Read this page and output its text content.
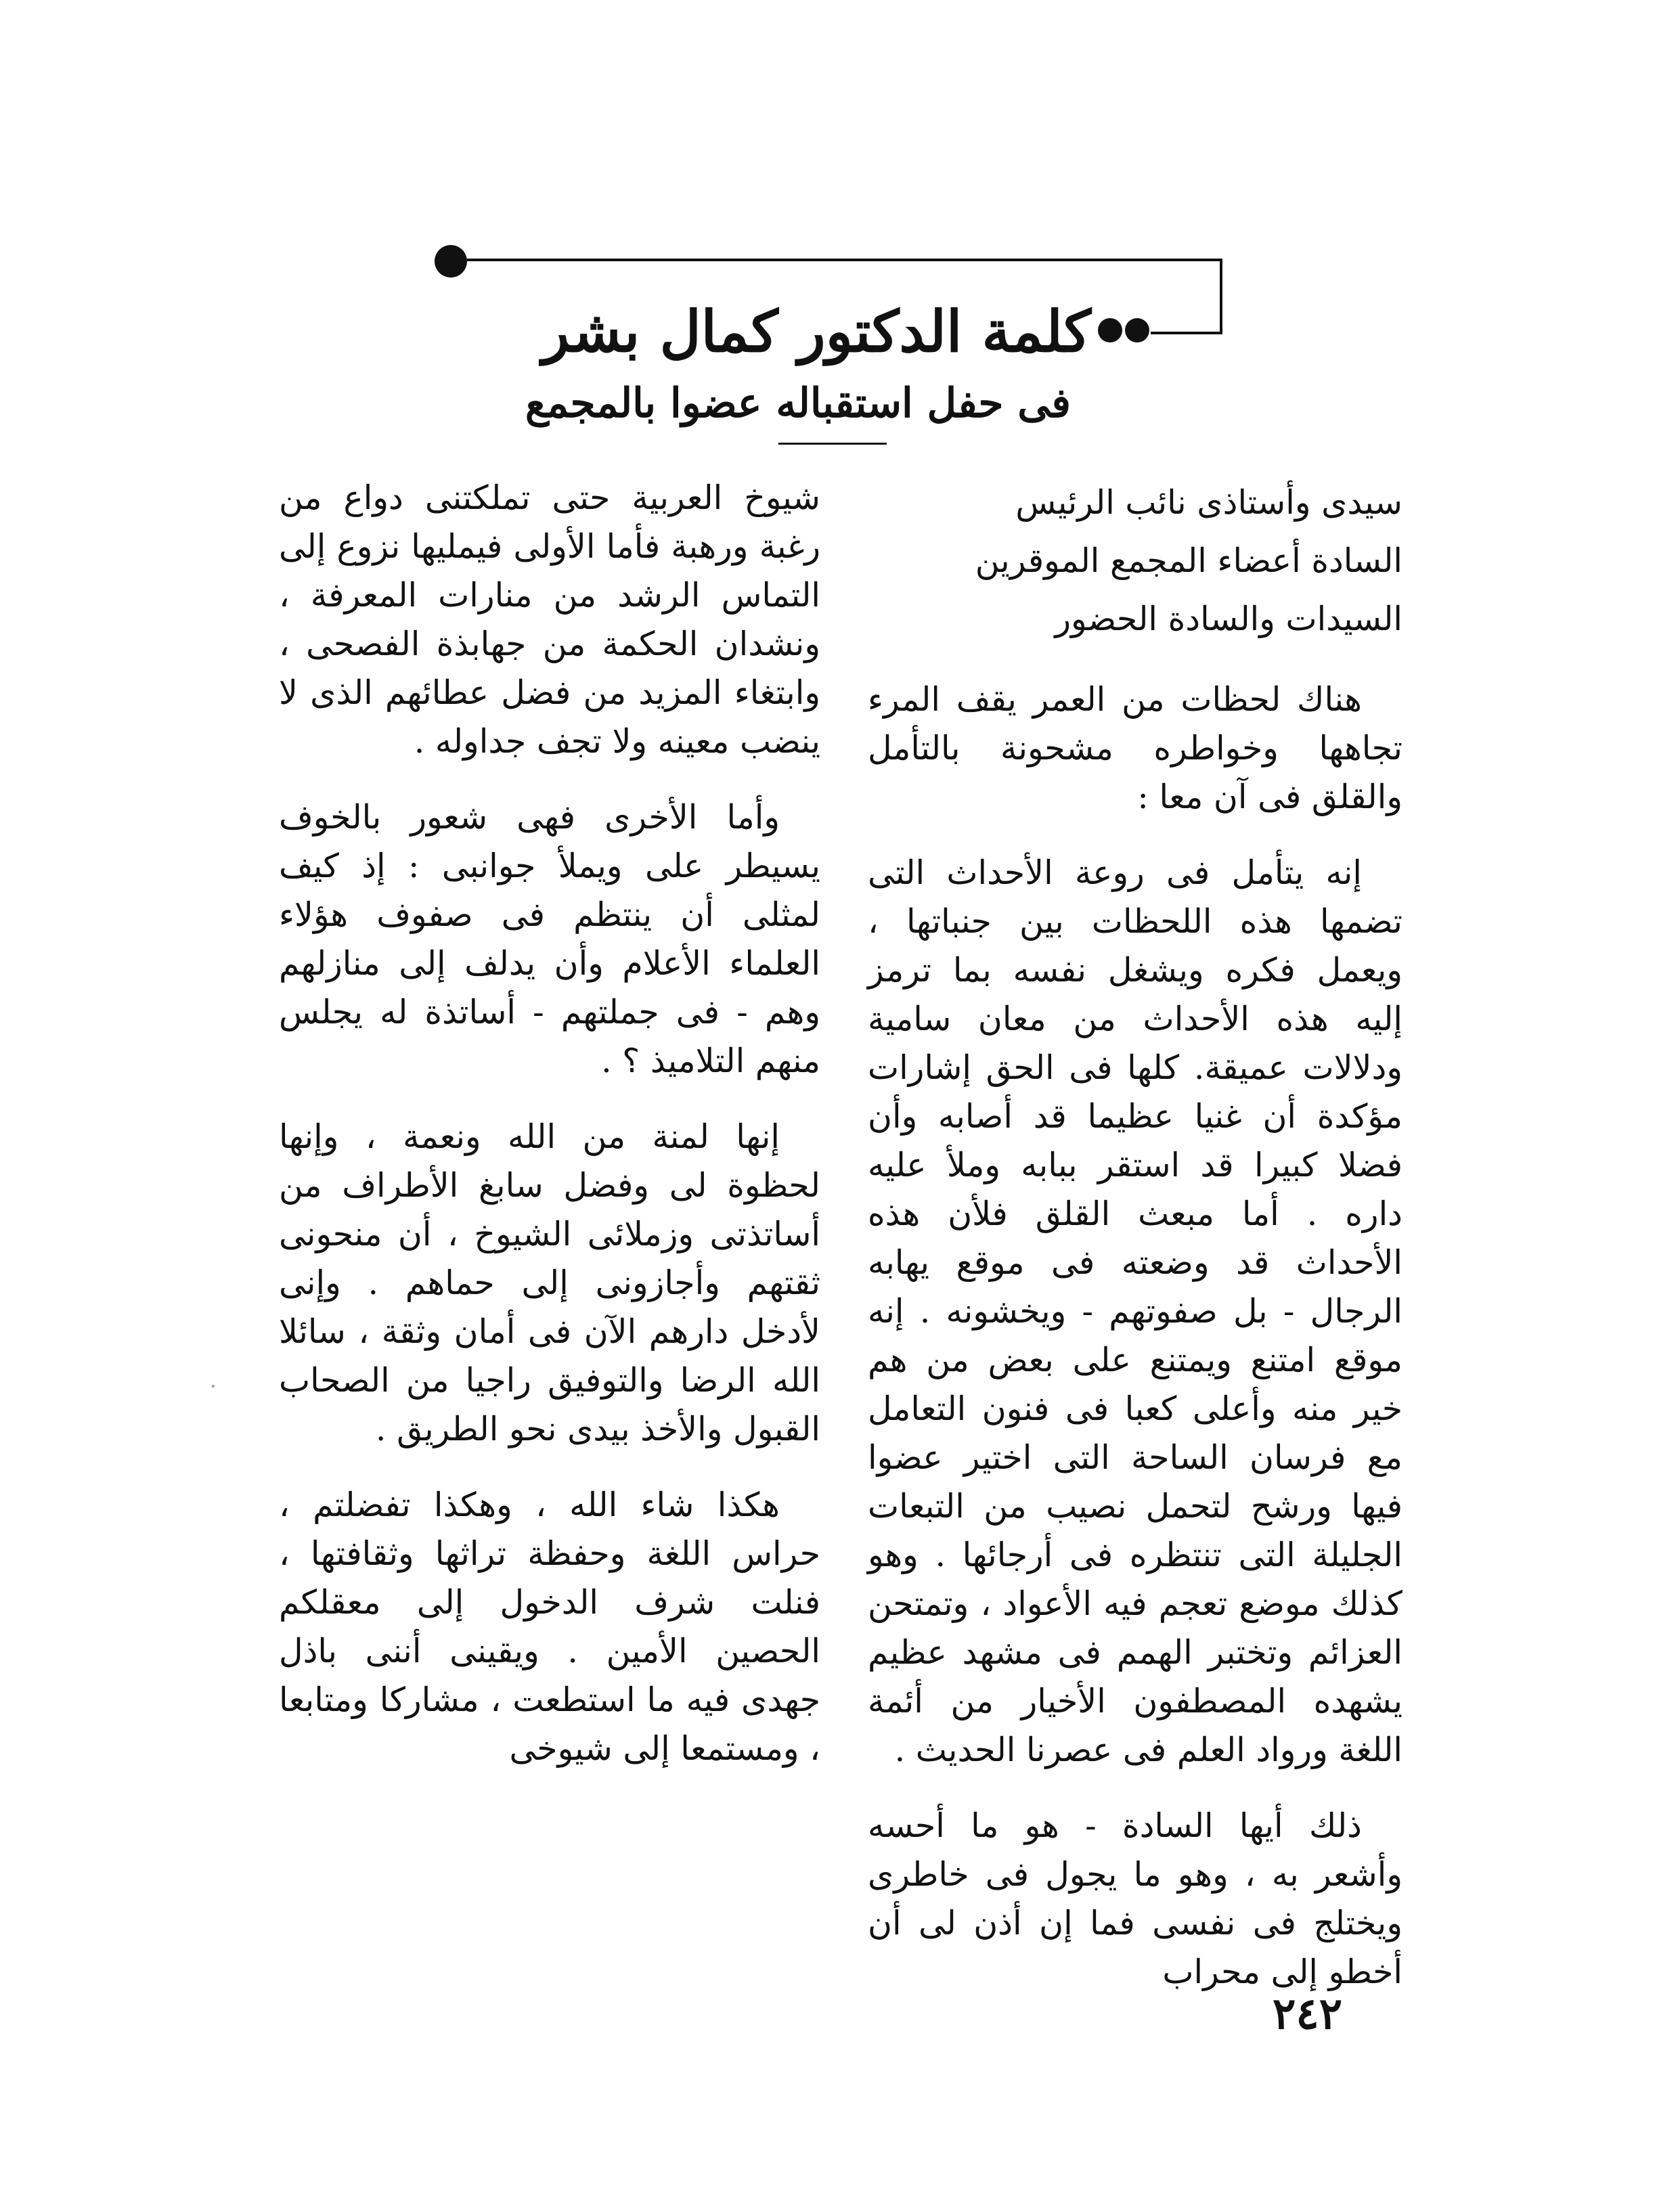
كلمة الدكتور كمال بشر
فى حفل استقباله عضوا بالمجمع
سيدى وأستاذى نائب الرئيس
السادة أعضاء المجمع الموقرين
السيدات والسادة الحضور

هناك لحظات من العمر يقف المرء تجاهها وخواطره مشحونة بالتأمل والقلق فى آن معا :

إنه يتأمل فى روعة الأحداث التى تضمها هذه اللحظات بين جنباتها ، ويعمل فكره ويشغل نفسه بما ترمز إليه هذه الأحداث من معان سامية ودلالات عميقة. كلها فى الحق إشارات مؤكدة أن غنيا عظيما قد أصابه وأن فضلا كبيرا قد استقر ببابه وملأ عليه داره . أما مبعث القلق فلأن هذه الأحداث قد وضعته فى موقع يهابه الرجال - بل صفوتهم - ويخشونه . إنه موقع امتنع ويمتنع على بعض من هم خير منه وأعلى كعبا فى فنون التعامل مع فرسان الساحة التى اختير عضوا فيها ورشح لتحمل نصيب من التبعات الجليلة التى تنتظره فى أرجائها . وهو كذلك موضع تعجم فيه الأعواد ، وتمتحن العزائم وتختبر الهمم فى مشهد عظيم يشهده المصطفون الأخيار من أئمة اللغة ورواد العلم فى عصرنا الحديث .

ذلك أيها السادة - هو ما أحسه وأشعر به ، وهو ما يجول فى خاطرى ويختلج فى نفسى فما إن أذن لى أن أخطو إلى محراب

شيوخ العربية حتى تملكتنى دواع من رغبة ورهبة فأما الأولى فيمليها نزوع إلى التماس الرشد من منارات المعرفة ، ونشدان الحكمة من جهابذة الفصحى ، وابتغاء المزيد من فضل عطائهم الذى لا ينضب معينه ولا تجف جداوله .

وأما الأخرى فهى شعور بالخوف يسيطر على ويملأ جوانبى : إذ كيف لمثلى أن ينتظم فى صفوف هؤلاء العلماء الأعلام وأن يدلف إلى منازلهم وهم - فى جملتهم - أساتذة له يجلس منهم التلاميذ ؟ .

إنها لمنة من الله ونعمة ، وإنها لحظوة لى وفضل سابغ الأطراف من أساتذتى وزملائى الشيوخ ، أن منحونى ثقتهم وأجازونى إلى حماهم . وإنى لأدخل دارهم الآن فى أمان وثقة ، سائلا الله الرضا والتوفيق راجيا من الصحاب القبول والأخذ بيدى نحو الطريق .

هكذا شاء الله ، وهكذا تفضلتم ، حراس اللغة وحفظة تراثها وثقافتها ، فنلت شرف الدخول إلى معقلكم الحصين الأمين . ويقينى أننى باذل جهدى فيه ما استطعت ، مشاركا ومتابعا ، ومستمعا إلى شيوخى

٢٤٢
